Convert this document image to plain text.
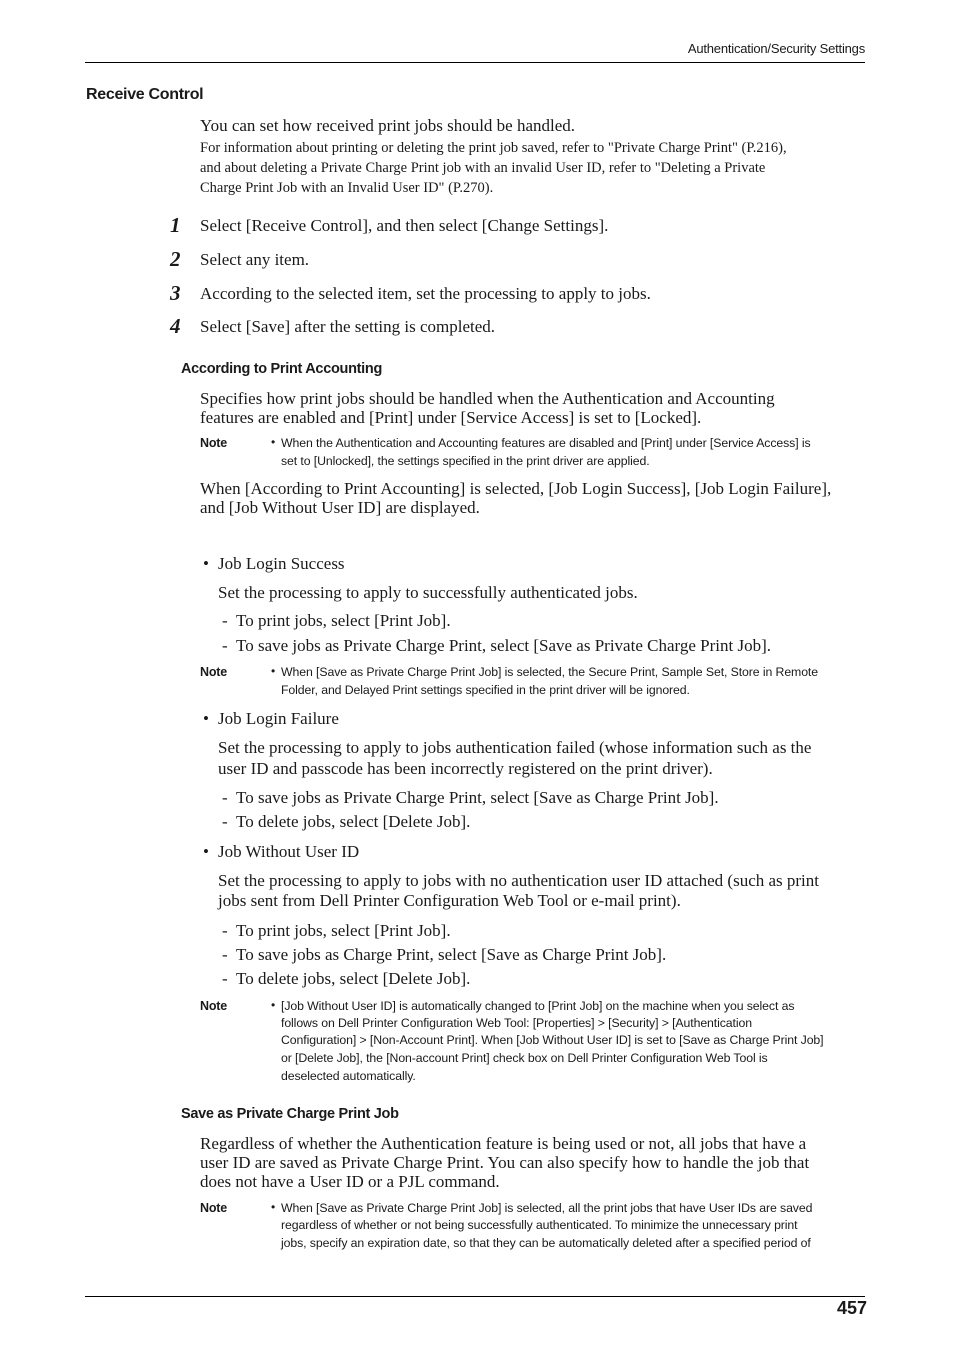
Authentication/Security Settings
Receive Control
You can set how received print jobs should be handled.
For information about printing or deleting the print job saved, refer to "Private Charge Print" (P.216),
and about deleting a Private Charge Print job with an invalid User ID, refer to "Deleting a Private
Charge Print Job with an Invalid User ID" (P.270).
1 Select [Receive Control], and then select [Change Settings].
2 Select any item.
3 According to the selected item, set the processing to apply to jobs.
4 Select [Save] after the setting is completed.
According to Print Accounting
Specifies how print jobs should be handled when the Authentication and Accounting
features are enabled and [Print] under [Service Access] is set to [Locked].
Note	• When the Authentication and Accounting features are disabled and [Print] under [Service Access] is
set to [Unlocked], the settings specified in the print driver are applied.
When [According to Print Accounting] is selected, [Job Login Success], [Job Login Failure],
and [Job Without User ID] are displayed.
• Job Login Success
Set the processing to apply to successfully authenticated jobs.
- To print jobs, select [Print Job].
- To save jobs as Private Charge Print, select [Save as Private Charge Print Job].
Note	• When [Save as Private Charge Print Job] is selected, the Secure Print, Sample Set, Store in Remote
Folder, and Delayed Print settings specified in the print driver will be ignored.
• Job Login Failure
Set the processing to apply to jobs authentication failed (whose information such as the
user ID and passcode has been incorrectly registered on the print driver).
- To save jobs as Private Charge Print, select [Save as Charge Print Job].
- To delete jobs, select [Delete Job].
• Job Without User ID
Set the processing to apply to jobs with no authentication user ID attached (such as print
jobs sent from Dell Printer Configuration Web Tool or e-mail print).
- To print jobs, select [Print Job].
- To save jobs as Charge Print, select [Save as Charge Print Job].
- To delete jobs, select [Delete Job].
Note	• [Job Without User ID] is automatically changed to [Print Job] on the machine when you select as
follows on Dell Printer Configuration Web Tool: [Properties] > [Security] > [Authentication
Configuration] > [Non-Account Print]. When [Job Without User ID] is set to [Save as Charge Print Job]
or [Delete Job], the [Non-account Print] check box on Dell Printer Configuration Web Tool is
deselected automatically.
Save as Private Charge Print Job
Regardless of whether the Authentication feature is being used or not, all jobs that have a
user ID are saved as Private Charge Print. You can also specify how to handle the job that
does not have a User ID or a PJL command.
Note	• When [Save as Private Charge Print Job] is selected, all the print jobs that have User IDs are saved
regardless of whether or not being successfully authenticated. To minimize the unnecessary print
jobs, specify an expiration date, so that they can be automatically deleted after a specified period of
457
